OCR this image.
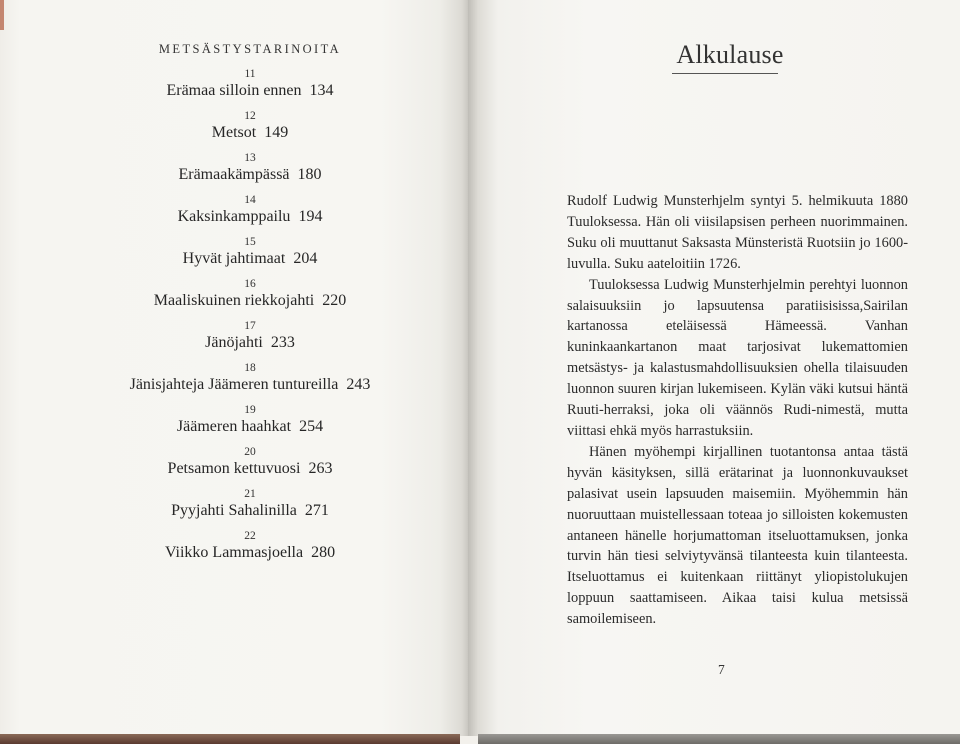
METSÄSTYSTARINOITA
11
Erämaa silloin ennen 134
12
Metsot 149
13
Erämaakämpässä 180
14
Kaksinkamppailu 194
15
Hyvät jahtimaat 204
16
Maaliskuinen riekkojahti 220
17
Jänöjahti 233
18
Jänisjahteja Jäämeren tuntureilla 243
19
Jäämeren haahkat 254
20
Petsamon kettuvuosi 263
21
Pyyjahti Sahalinilla 271
22
Viikko Lammasjoella 280
Alkulause

Rudolf Ludwig Munsterhjelm syntyi 5. helmikuuta 1880 Tuuloksessa. Hän oli viisilapsisen perheen nuorimmainen. Suku oli muuttanut Saksasta Münsteristä Ruotsiin jo 1600-luvulla. Suku aateloitiin 1726.

Tuuloksessa Ludwig Munsterhjelmin perehtyi luonnon salaisuuksiin jo lapsuutensa paratiisisissa,Sairilan kartanossa eteläisessä Hämeessä. Vanhan kuninkaankartanon maat tarjosivat lukemattomien metsästys- ja kalastusmahdollisuuksien ohella tilaisuuden luonnon suuren kirjan lukemiseen. Kylän väki kutsui häntä Ruuti-herraksi, joka oli väännös Rudi-nimestä, mutta viittasi ehkä myös harrastuksiin.

Hänen myöhempi kirjallinen tuotantonsa antaa tästä hyvän käsityksen, sillä erätarinat ja luonnonkuvaukset palasivat usein lapsuuden maisemiin. Myöhemmin hän nuoruuttaan muistellessaan toteaa jo silloisten kokemusten antaneen hänelle horjumattoman itseluottamuksen, jonka turvin hän tiesi selviytyvänsä tilanteesta kuin tilanteesta. Itseluottamus ei kuitenkaan riittänyt yliopistolukujen loppuun saattamiseen. Aikaa taisi kulua metsissä samoilemiseen.

7
